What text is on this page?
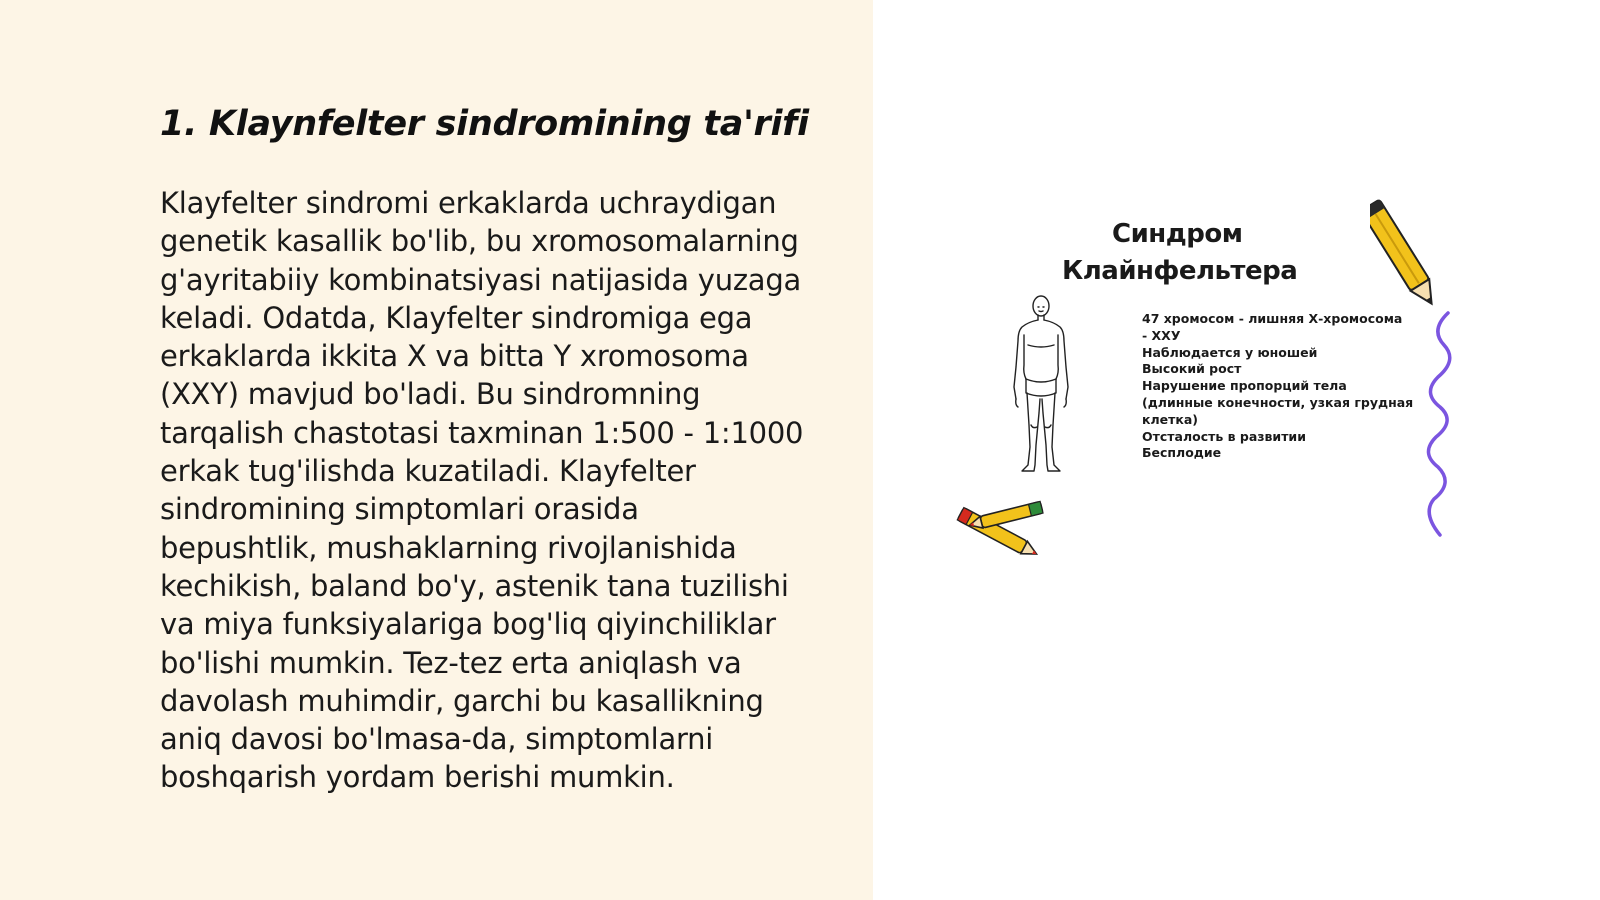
1. Klaynfelter sindromining ta'rifi
Klayfelter sindromi erkaklarda uchraydigan
genetik kasallik bo'lib, bu xromosomalarning
g'ayritabiiy kombinatsiyasi natijasida yuzaga
keladi. Odatda, Klayfelter sindromiga ega
erkaklarda ikkita X va bitta Y xromosoma
(XXY) mavjud bo'ladi. Bu sindromning
tarqalish chastotasi taxminan 1:500 - 1:1000
erkak tug'ilishda kuzatiladi. Klayfelter
sindromining simptomlari orasida
bepushtlik, mushaklarning rivojlanishida
kechikish, baland bo'y, astenik tana tuzilishi
va miya funksiyalariga bog'liq qiyinchiliklar
bo'lishi mumkin. Tez-tez erta aniqlash va
davolash muhimdir, garchi bu kasallikning
aniq davosi bo'lmasa-da, simptomlarni
boshqarish yordam berishi mumkin.
Синдром
Клайнфельтера
47 хромосом - лишняя Х-хромосома
- ХХУ
Наблюдается у юношей
Высокий рост
Нарушение пропорций тела
(длинные конечности, узкая грудная
клетка)
Отсталость в развитии
Бесплодие
